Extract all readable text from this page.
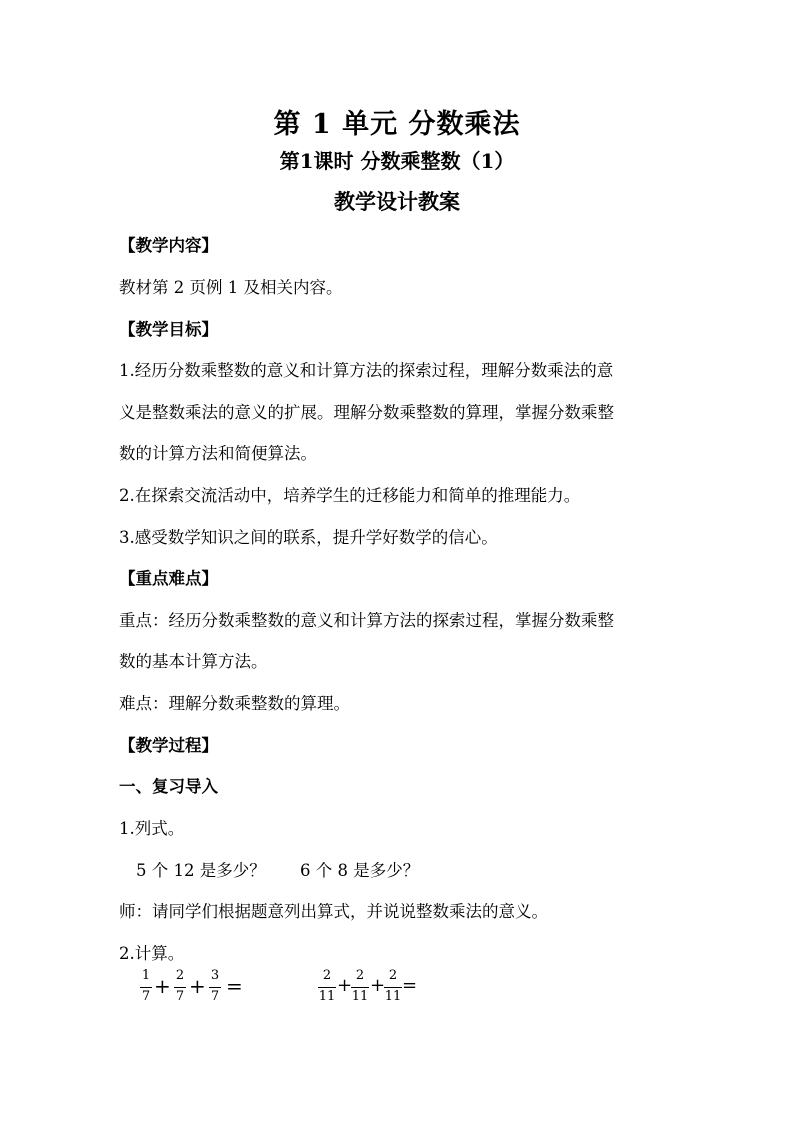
第 1 单元 分数乘法
第1课时 分数乘整数（1）
教学设计教案
【教学内容】
教材第 2 页例 1 及相关内容。
【教学目标】
1.经历分数乘整数的意义和计算方法的探索过程，理解分数乘法的意
义是整数乘法的意义的扩展。理解分数乘整数的算理，掌握分数乘整
数的计算方法和简便算法。
2.在探索交流活动中，培养学生的迁移能力和简单的推理能力。
3.感受数学知识之间的联系，提升学好数学的信心。
【重点难点】
重点：经历分数乘整数的意义和计算方法的探索过程，掌握分数乘整
数的基本计算方法。
难点：理解分数乘整数的算理。
【教学过程】
一、复习导入
1.列式。
5 个 12 是多少？ 6 个 8 是多少？
师：请同学们根据题意列出算式，并说说整数乘法的意义。
2.计算。
1
7 + 2
7 + 3
7 =	2
11
+ 2
11
+ 2
11
=
